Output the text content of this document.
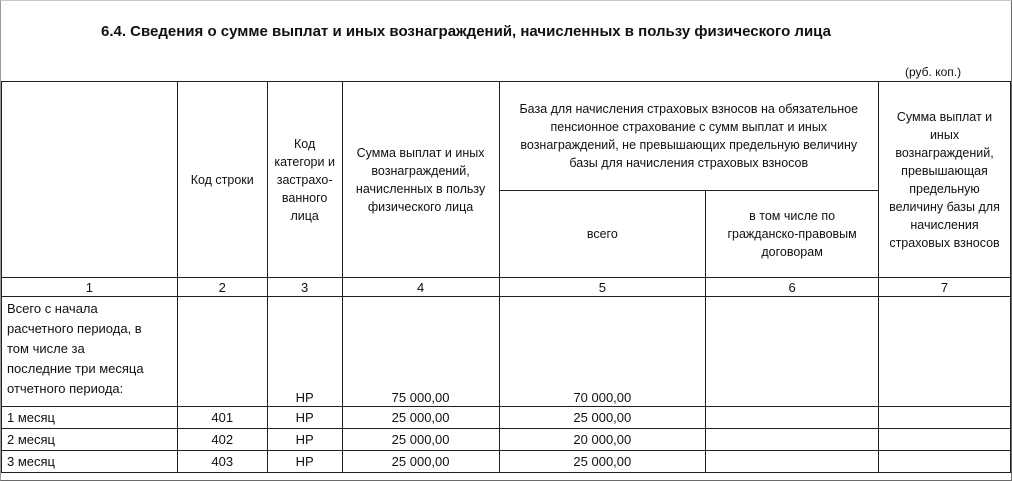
6.4. Сведения о сумме выплат и иных вознаграждений, начисленных в пользу физического лица
(руб. коп.)
	Код строки	Код категори и застрахо-ванного лица	Сумма выплат и иных вознаграждений, начисленных в пользу физического лица	База для начисления страховых взносов на обязательное пенсионное страхование с сумм выплат и иных вознаграждений, не превышающих предельную величину базы для начисления страховых взносов		Сумма выплат и иных вознаграждений, превышающая предельную величину базы для начисления страховых взносов
				всего	в том числе по гражданско-правовым договорам	
1	2	3	4	5	6	7
Всего с начала
расчетного периода, в
том числе за
последние три месяца
отчетного периода:		НР	75 000,00	70 000,00		
1 месяц	401	НР	25 000,00	25 000,00		
2 месяц	402	НР	25 000,00	20 000,00		
3 месяц	403	НР	25 000,00	25 000,00		
